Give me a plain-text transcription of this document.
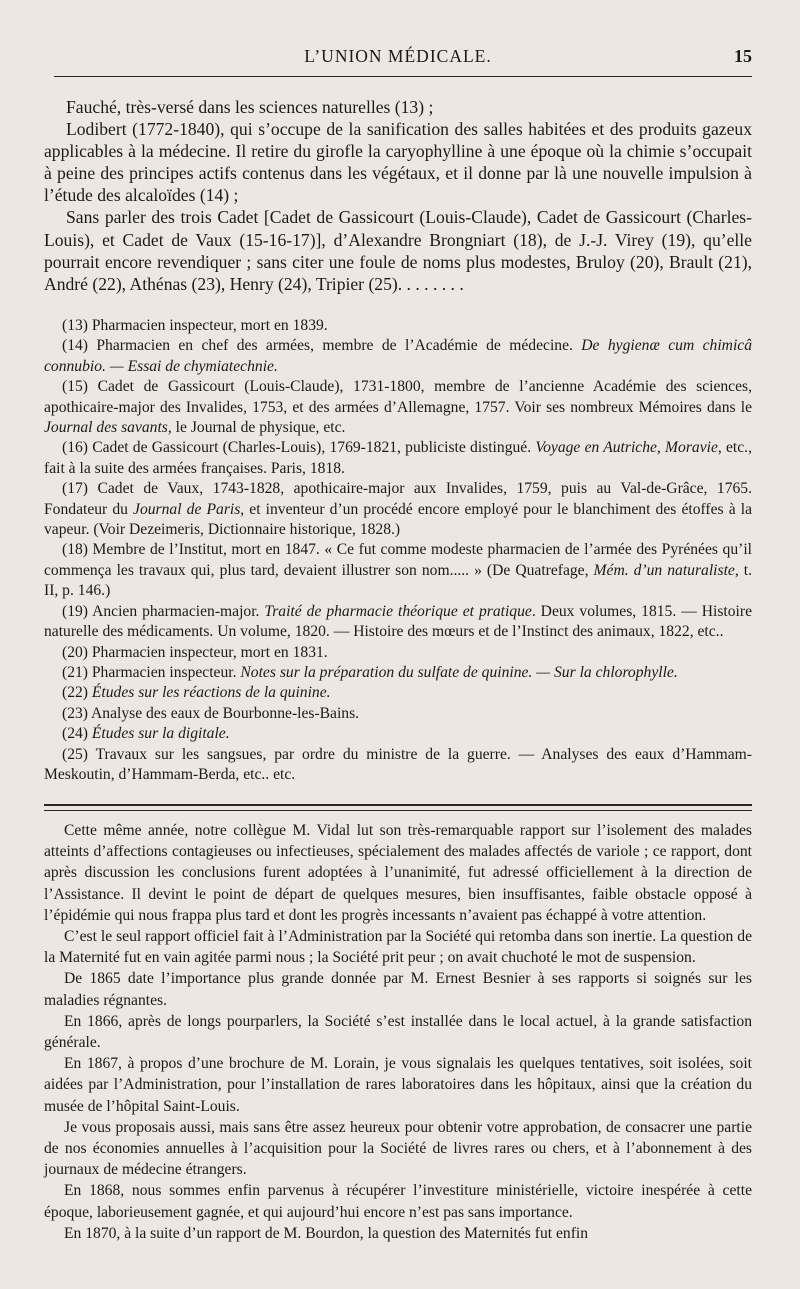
L’UNION MÉDICALE.	15

Fauché, très-versé dans les sciences naturelles (13) ;

Lodibert (1772-1840), qui s’occupe de la sanification des salles habitées et des produits gazeux applicables à la médecine. Il retire du girofle la caryophylline à une époque où la chimie s’occupait à peine des principes actifs contenus dans les végétaux, et il donne par là une nouvelle impulsion à l’étude des alcaloïdes (14) ;

Sans parler des trois Cadet [Cadet de Gassicourt (Louis-Claude), Cadet de Gassicourt (Charles-Louis), et Cadet de Vaux (15-16-17)], d’Alexandre Brongniart (18), de J.-J. Virey (19), qu’elle pourrait encore revendiquer ; sans citer une foule de noms plus modestes, Bruloy (20), Brault (21), André (22), Athénas (23), Henry (24), Tripier (25). . . . . . . .

(13) Pharmacien inspecteur, mort en 1839.

(14) Pharmacien en chef des armées, membre de l’Académie de médecine. De hygienæ cum chimicâ connubio. — Essai de chymiatechnie.

(15) Cadet de Gassicourt (Louis-Claude), 1731-1800, membre de l’ancienne Académie des sciences, apothicaire-major des Invalides, 1753, et des armées d’Allemagne, 1757. Voir ses nombreux Mémoires dans le Journal des savants, le Journal de physique, etc.

(16) Cadet de Gassicourt (Charles-Louis), 1769-1821, publiciste distingué. Voyage en Autriche, Moravie, etc., fait à la suite des armées françaises. Paris, 1818.

(17) Cadet de Vaux, 1743-1828, apothicaire-major aux Invalides, 1759, puis au Val-de-Grâce, 1765. Fondateur du Journal de Paris, et inventeur d’un procédé encore employé pour le blanchiment des étoffes à la vapeur. (Voir Dezeimeris, Dictionnaire historique, 1828.)

(18) Membre de l’Institut, mort en 1847. « Ce fut comme modeste pharmacien de l’armée des Pyrénées qu’il commença les travaux qui, plus tard, devaient illustrer son nom..... » (De Quatrefage, Mém. d’un naturaliste, t. II, p. 146.)

(19) Ancien pharmacien-major. Traité de pharmacie théorique et pratique. Deux volumes, 1815. — Histoire naturelle des médicaments. Un volume, 1820. — Histoire des mœurs et de l’Instinct des animaux, 1822, etc..

(20) Pharmacien inspecteur, mort en 1831.

(21) Pharmacien inspecteur. Notes sur la préparation du sulfate de quinine. — Sur la chlorophylle.

(22) Études sur les réactions de la quinine.

(23) Analyse des eaux de Bourbonne-les-Bains.

(24) Études sur la digitale.

(25) Travaux sur les sangsues, par ordre du ministre de la guerre. — Analyses des eaux d’Hammam-Meskoutin, d’Hammam-Berda, etc.. etc.

Cette même année, notre collègue M. Vidal lut son très-remarquable rapport sur l’isolement des malades atteints d’affections contagieuses ou infectieuses, spécialement des malades affectés de variole ; ce rapport, dont après discussion les conclusions furent adoptées à l’unanimité, fut adressé officiellement à la direction de l’Assistance. Il devint le point de départ de quelques mesures, bien insuffisantes, faible obstacle opposé à l’épidémie qui nous frappa plus tard et dont les progrès incessants n’avaient pas échappé à votre attention.

C’est le seul rapport officiel fait à l’Administration par la Société qui retomba dans son inertie. La question de la Maternité fut en vain agitée parmi nous ; la Société prit peur ; on avait chuchoté le mot de suspension.

De 1865 date l’importance plus grande donnée par M. Ernest Besnier à ses rapports si soignés sur les maladies régnantes.

En 1866, après de longs pourparlers, la Société s’est installée dans le local actuel, à la grande satisfaction générale.

En 1867, à propos d’une brochure de M. Lorain, je vous signalais les quelques tentatives, soit isolées, soit aidées par l’Administration, pour l’installation de rares laboratoires dans les hôpitaux, ainsi que la création du musée de l’hôpital Saint-Louis.

Je vous proposais aussi, mais sans être assez heureux pour obtenir votre approbation, de consacrer une partie de nos économies annuelles à l’acquisition pour la Société de livres rares ou chers, et à l’abonnement à des journaux de médecine étrangers.

En 1868, nous sommes enfin parvenus à récupérer l’investiture ministérielle, victoire inespérée à cette époque, laborieusement gagnée, et qui aujourd’hui encore n’est pas sans importance.

En 1870, à la suite d’un rapport de M. Bourdon, la question des Maternités fut enfin
